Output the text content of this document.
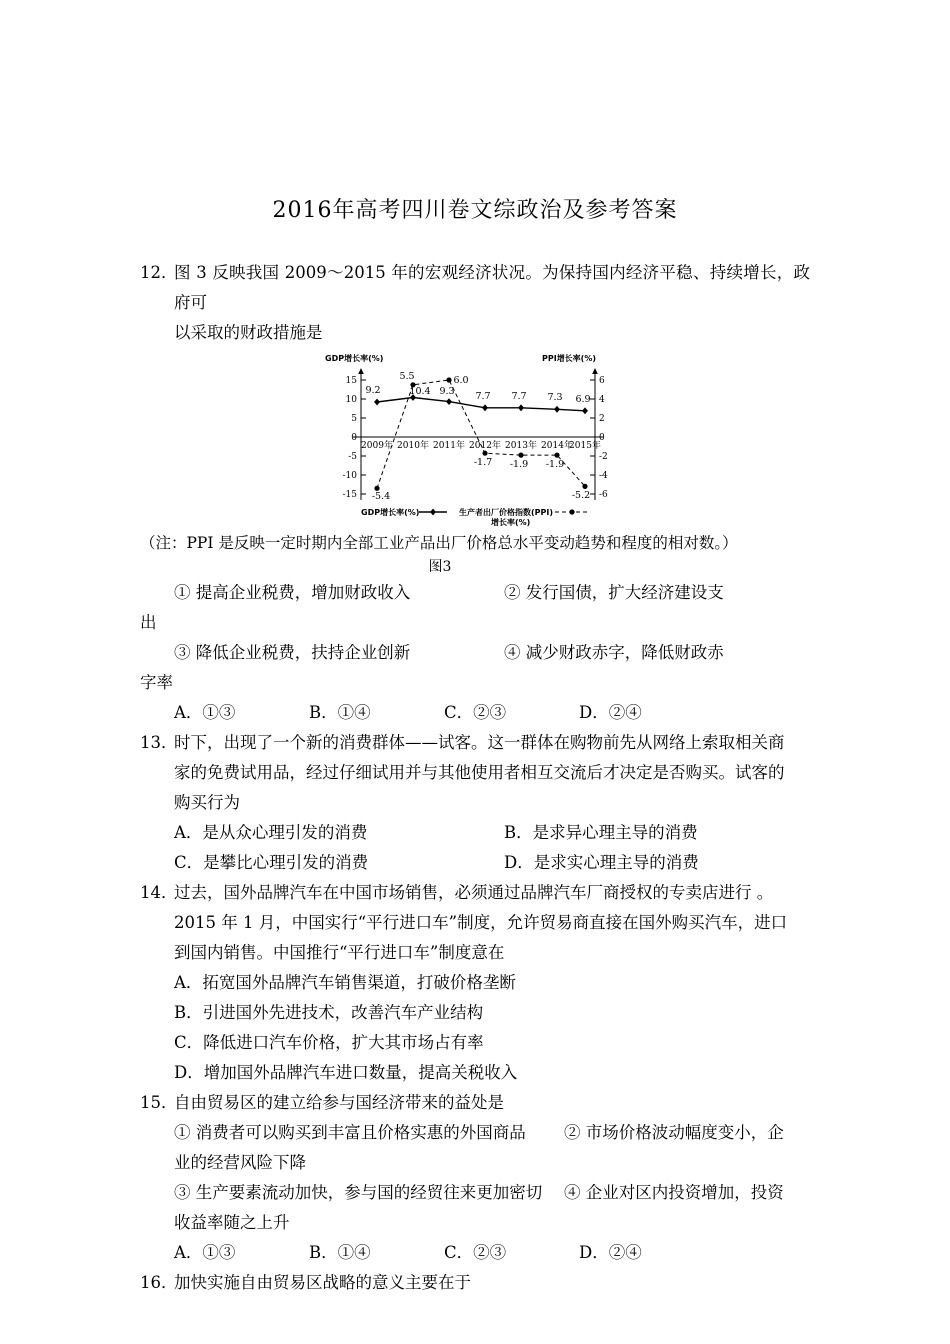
2016年高考四川卷文综政治及参考答案
12．图 3 反映我国 2009～2015 年的宏观经济状况。为保持国内经济平稳、持续增长，政府可
以采取的财政措施是
15
10
5
0
-5
-10
-15
6
4
2
0
-2
-4
-6
GDP增长率(%)	PPI增长率(%)
2009年 2010年 2011年 2012年 2013年 2014年
2015年
-5.4
5.5	6.0
-1.7 -1.9 -1.9
-5.2
9.2	10.4 9.3 7.7 7.7 7.3 6.9
GDP增长率(%)	生产者出厂价格指数(PPI)
增长率(%)
（注：PPI 是反映一定时期内全部工业产品出厂价格总水平变动趋势和程度的相对数。）
图3
① 提高企业税费，增加财政收入	② 发行国债，扩大经济建设支
出
③ 降低企业税费，扶持企业创新	④ 减少财政赤字，降低财政赤
字率
A．①③	B．①④	C．②③	D．②④
13．时下，出现了一个新的消费群体——试客。这一群体在购物前先从网络上索取相关商
家的免费试用品，经过仔细试用并与其他使用者相互交流后才决定是否购买。试客的
购买行为
A．是从众心理引发的消费	B．是求异心理主导的消费
C．是攀比心理引发的消费	D．是求实心理主导的消费
14．过去，国外品牌汽车在中国市场销售，必须通过品牌汽车厂商授权的专卖店进行 。
2015 年 1 月，中国实行“平行进口车”制度，允许贸易商直接在国外购买汽车，进口
到国内销售。中国推行“平行进口车”制度意在
A．拓宽国外品牌汽车销售渠道，打破价格垄断
B．引进国外先进技术，改善汽车产业结构
C．降低进口汽车价格，扩大其市场占有率
D．增加国外品牌汽车进口数量，提高关税收入
15．自由贸易区的建立给参与国经济带来的益处是
① 消费者可以购买到丰富且价格实惠的外国商品 ② 市场价格波动幅度变小，企
业的经营风险下降
③ 生产要素流动加快，参与国的经贸往来更加密切 ④ 企业对区内投资增加，投资
收益率随之上升
A．①③	B．①④	C．②③	D．②④
16．加快实施自由贸易区战略的意义主要在于
